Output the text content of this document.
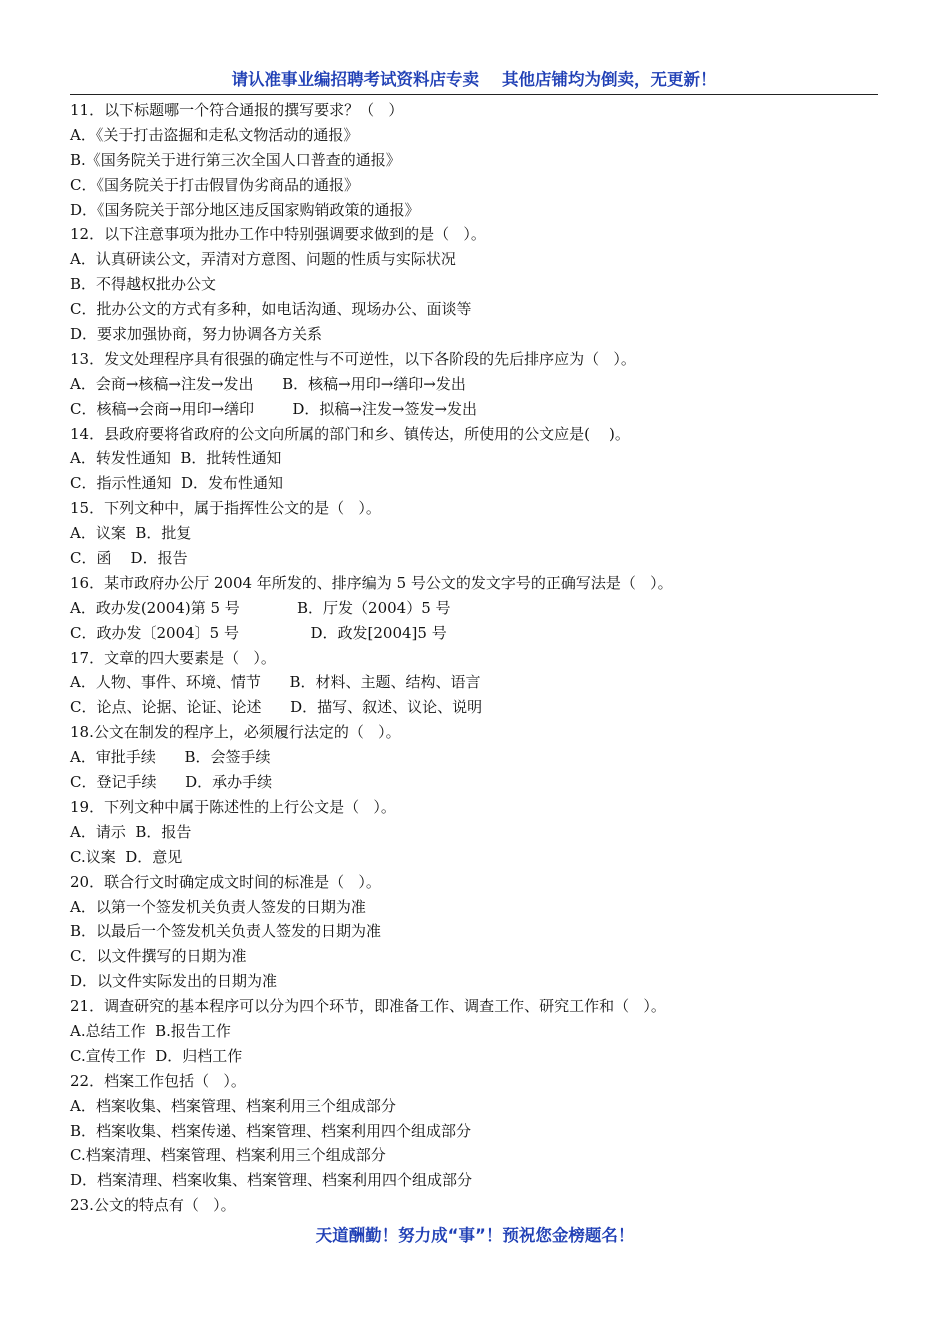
请认准事业编招聘考试资料店专卖    其他店铺均为倒卖，无更新！
11．以下标题哪一个符合通报的撰写要求？（   ）
A．《关于打击盗掘和走私文物活动的通报》
B.《国务院关于进行第三次全国人口普查的通报》
C．《国务院关于打击假冒伪劣商品的通报》
D．《国务院关于部分地区违反国家购销政策的通报》
12．以下注意事项为批办工作中特别强调要求做到的是（   ）。
A．认真研读公文，弄清对方意图、问题的性质与实际状况
B．不得越权批办公文
C．批办公文的方式有多种，如电话沟通、现场办公、面谈等
D．要求加强协商，努力协调各方关系
13．发文处理程序具有很强的确定性与不可逆性，以下各阶段的先后排序应为（   ）。
A．会商→核稿→注发→发出      B．核稿→用印→缮印→发出
C．核稿→会商→用印→缮印        D．拟稿→注发→签发→发出
14．县政府要将省政府的公文向所属的部门和乡、镇传达，所使用的公文应是(    )。
A．转发性通知  B．批转性通知
C．指示性通知  D．发布性通知
15．下列文种中，属于指挥性公文的是（   ）。
A．议案  B．批复
C．函    D．报告
16．某市政府办公厅 2004 年所发的、排序编为 5 号公文的发文字号的正确写法是（   ）。
A．政办发(2004)第 5 号            B．厅发（2004）5 号
C．政办发〔2004〕5 号               D．政发[2004]5 号
17．文章的四大要素是（   ）。
A．人物、事件、环境、情节      B．材料、主题、结构、语言
C．论点、论据、论证、论述      D．描写、叙述、议论、说明
18.公文在制发的程序上，必须履行法定的（   ）。
A．审批手续      B．会签手续
C．登记手续      D．承办手续
19．下列文种中属于陈述性的上行公文是（   ）。
A．请示  B．报告
C.议案  D．意见
20．联合行文时确定成文时间的标准是（   ）。
A．以第一个签发机关负责人签发的日期为准
B．以最后一个签发机关负责人签发的日期为准
C．以文件撰写的日期为准
D．以文件实际发出的日期为准
21．调查研究的基本程序可以分为四个环节，即准备工作、调查工作、研究工作和（   ）。
A.总结工作  B.报告工作
C.宣传工作  D．归档工作
22．档案工作包括（   ）。
A．档案收集、档案管理、档案利用三个组成部分
B．档案收集、档案传递、档案管理、档案利用四个组成部分
C.档案清理、档案管理、档案利用三个组成部分
D．档案清理、档案收集、档案管理、档案利用四个组成部分
23.公文的特点有（   ）。
天道酬勤！努力成“事”！预祝您金榜题名！
